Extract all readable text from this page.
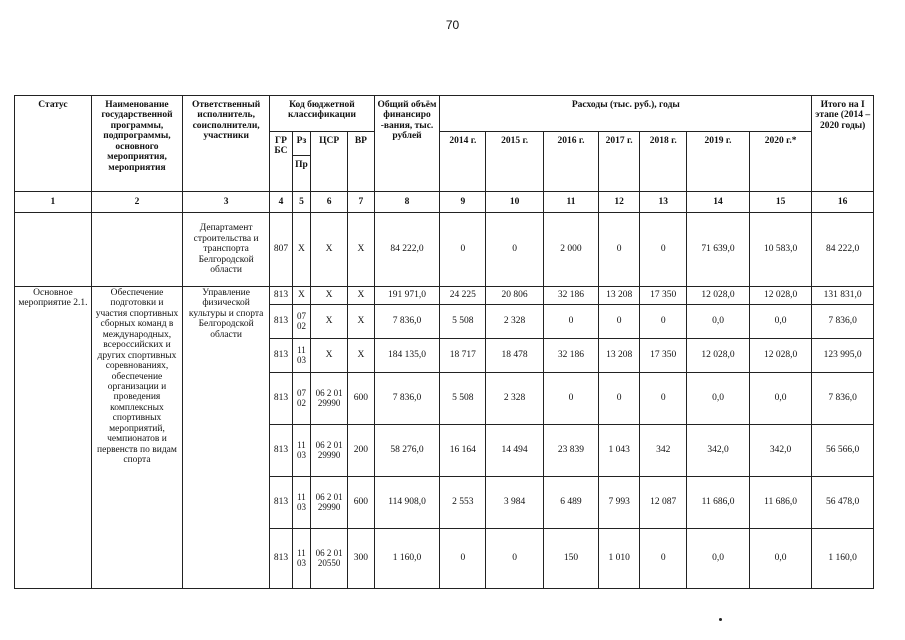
70
Статус	Наименование государственной программы, подпрограммы, основного мероприятия, мероприятия	Ответственный исполнитель, соисполнители, участники	Код бюджетной классификации				Общий объём финансиро -вания, тыс. рублей	Расходы (тыс. руб.), годы							Итого на I этапе (2014 – 2020 годы)
			ГР БС	Рз	ЦСР	ВР		2014 г.	2015 г.	2016 г.	2017 г.	2018 г.	2019 г.	2020 г.*	
				Пр											
1	2	3	4	5	6	7	8	9	10	11	12	13	14	15	16
		Департамент строительства и транспорта Белгородской области	807	Х	Х	Х	84 222,0	0	0	2 000	0	0	71 639,0	10 583,0	84 222,0
Основное мероприятие 2.1.	Обеспечение подготовки и участия спортивных сборных команд в международных, всероссийских и других спортивных соревнованиях, обеспечение организации и проведения комплексных спортивных мероприятий, чемпионатов и первенств по видам спорта	Управление физической культуры и спорта Белгородской области	813	Х	Х	Х	191 971,0	24 225	20 806	32 186	13 208	17 350	12 028,0	12 028,0	131 831,0
			813	07 02	Х	Х	7 836,0	5 508	2 328	0	0	0	0,0	0,0	7 836,0
			813	11 03	Х	Х	184 135,0	18 717	18 478	32 186	13 208	17 350	12 028,0	12 028,0	123 995,0
			813	07 02	06 2 01 29990	600	7 836,0	5 508	2 328	0	0	0	0,0	0,0	7 836,0
			813	11 03	06 2 01 29990	200	58 276,0	16 164	14 494	23 839	1 043	342	342,0	342,0	56 566,0
			813	11 03	06 2 01 29990	600	114 908,0	2 553	3 984	6 489	7 993	12 087	11 686,0	11 686,0	56 478,0
			813	11 03	06 2 01 20550	300	1 160,0	0	0	150	1 010	0	0,0	0,0	1 160,0
